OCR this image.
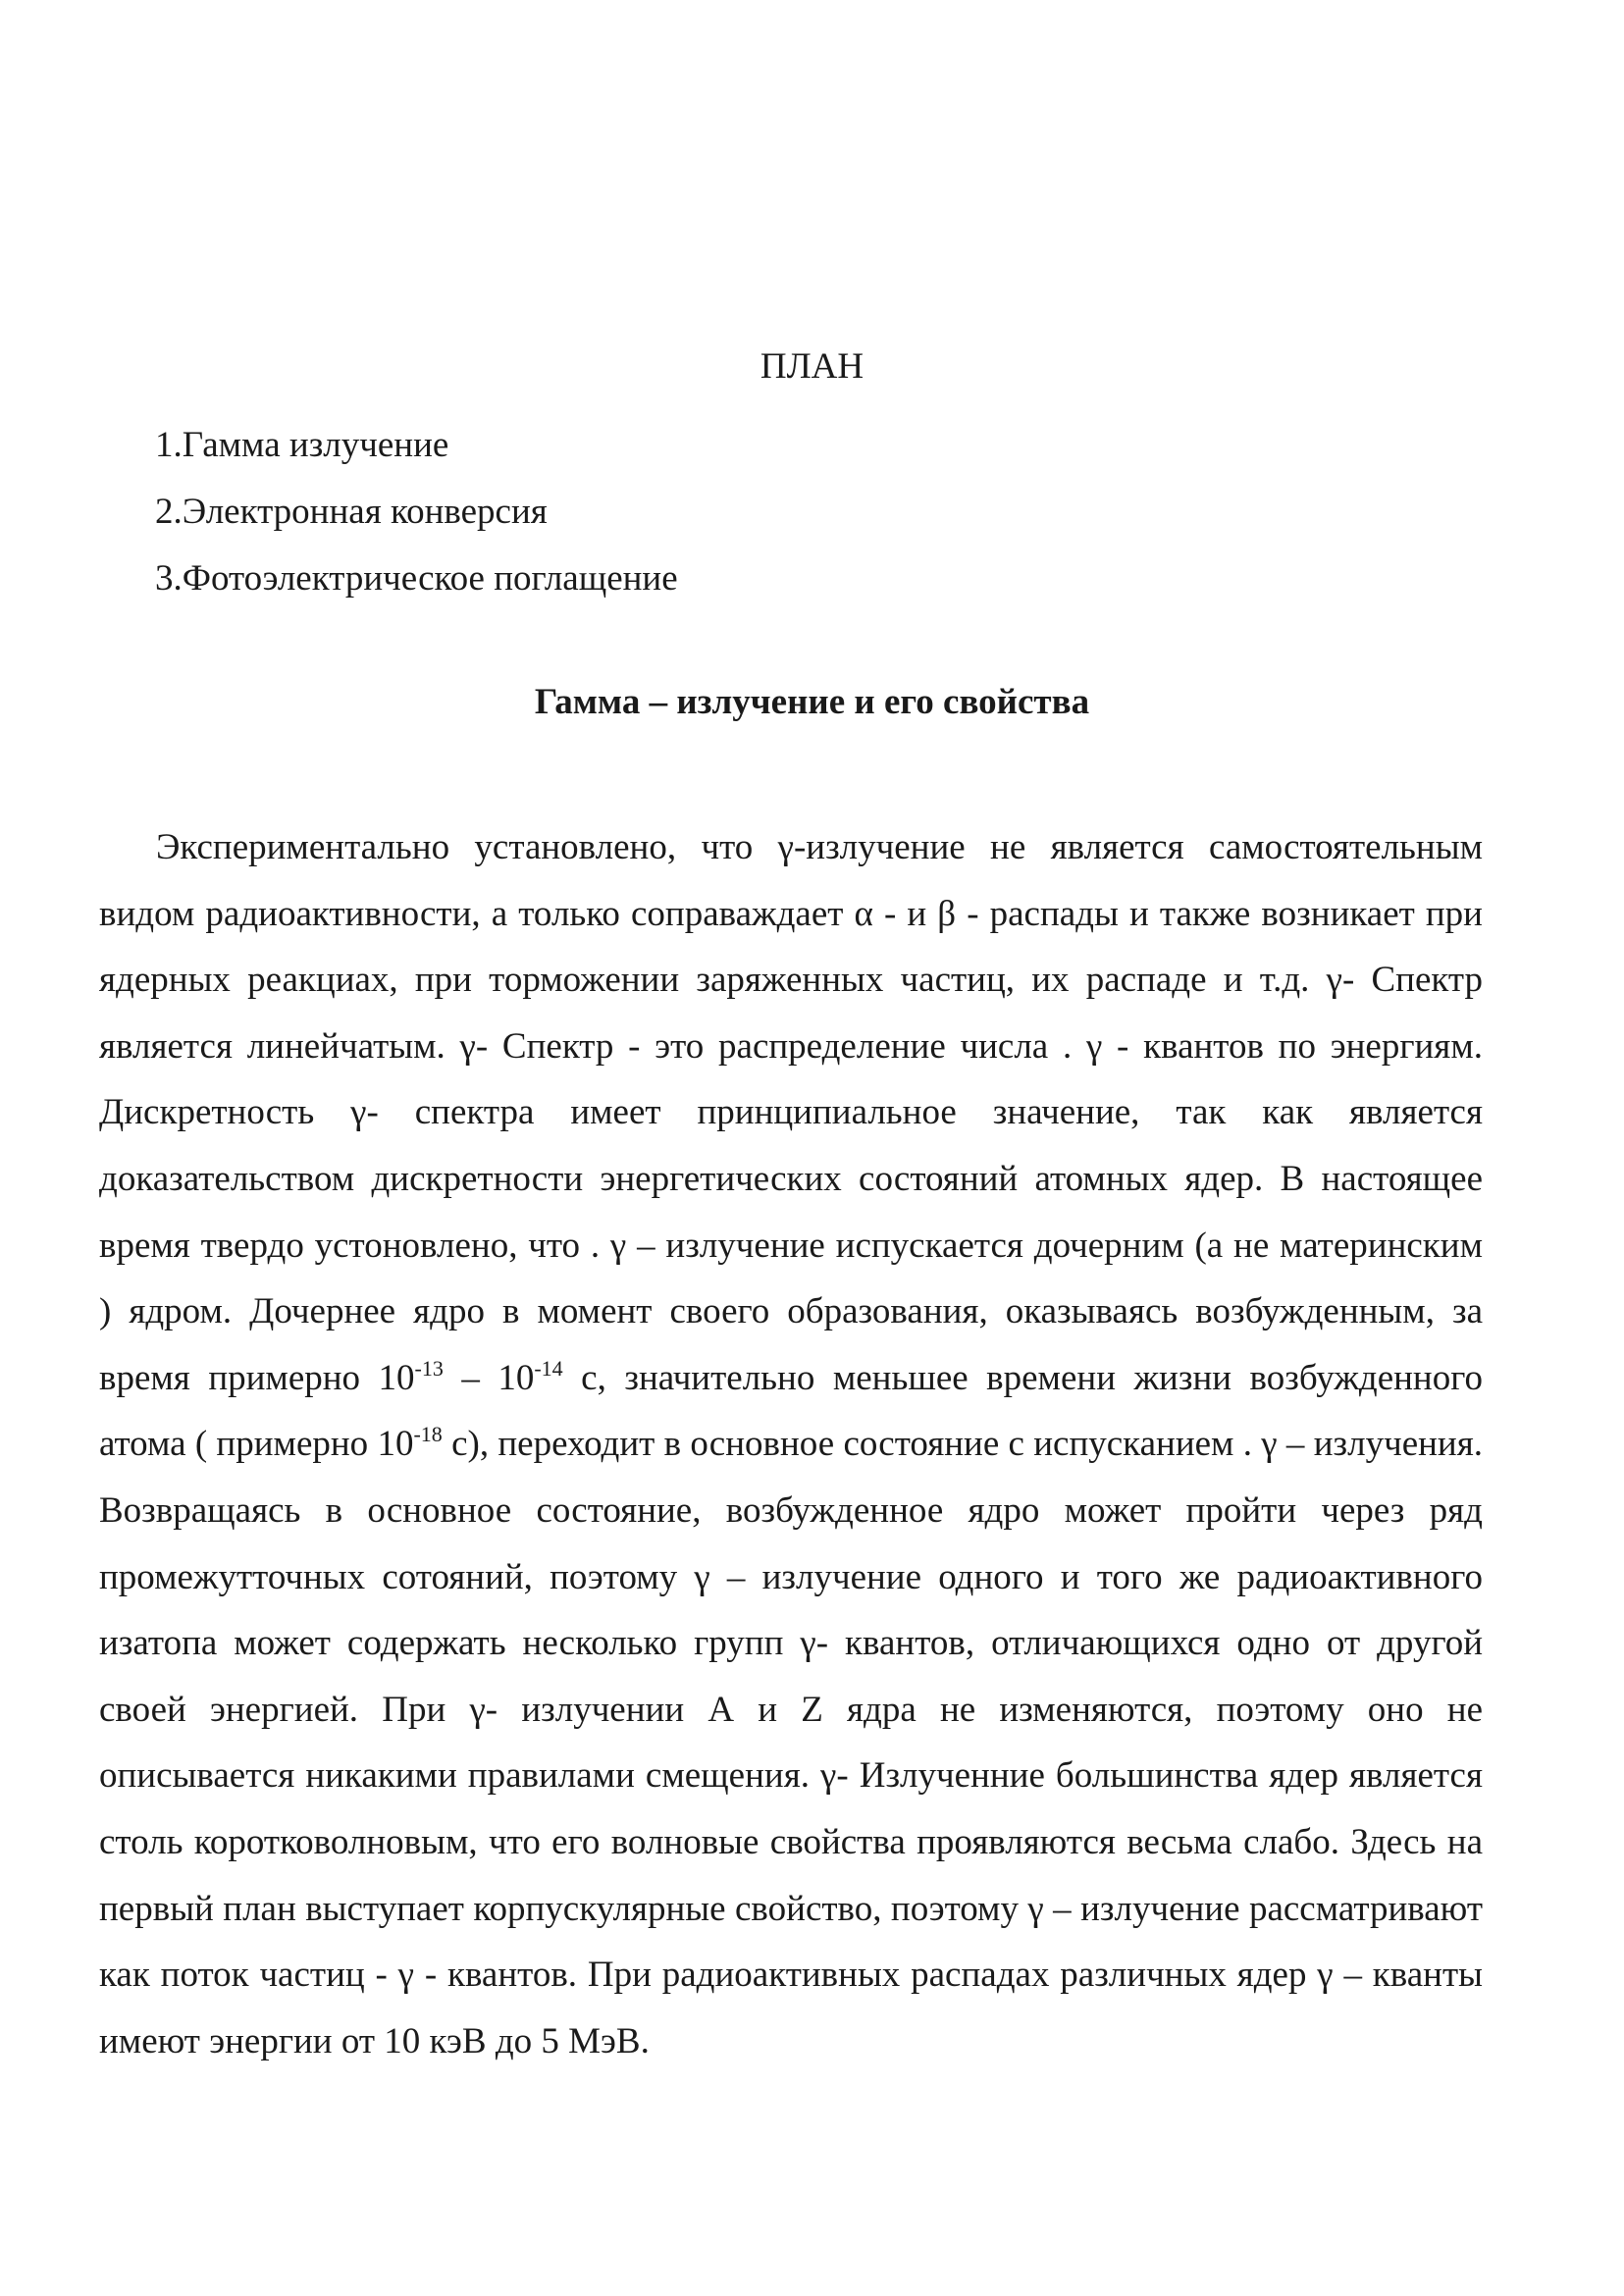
ПЛАН
1.Гамма излучение
2.Электронная конверсия
3.Фотоэлектрическое поглащение
Гамма – излучение и его свойства

Экспериментально установлено, что γ-излучение не является самостоятельным видом радиоактивности, а только соправаждает α - и β - распады и также возникает при ядерных реакциах, при торможении заряженных частиц, их распаде и т.д. γ- Спектр является линейчатым. γ- Спектр - это распределение числа . γ - квантов по энергиям. Дискретность γ- спектра имеет принципиальное значение, так как является доказательством дискретности энергетических состояний атомных ядер. В настоящее время твердо устоновлено, что . γ – излучение испускается дочерним (а не материнским ) ядром. Дочернее ядро в момент своего образования, оказываясь возбужденным, за время примерно $10^{-13} - 10^{-14}$ с, значительно меньшее времени жизни возбужденного атома ( примерно $10^{-18}$ с), переходит в основное состояние с испусканием . γ – излучения. Возвращаясь в основное состояние, возбужденное ядро может пройти через ряд промежутточных сотояний, поэтому γ – излучение одного и того же радиоактивного изатопа может содержать несколько групп γ- квантов, отличающихся одно от другой своей энергией. При γ- излучении А и Z ядра не изменяются, поэтому оно не описывается никакими правилами смещения. γ- Излученние большинства ядер является столь коротковолновым, что его волновые свойства проявляются весьма слабо. Здесь на первый план выступает корпускулярные свойство, поэтому γ – излучение рассматривают как поток частиц - γ - квантов. При радиоактивных распадах различных ядер γ – кванты имеют энергии от 10 кэВ до 5 МэВ.
